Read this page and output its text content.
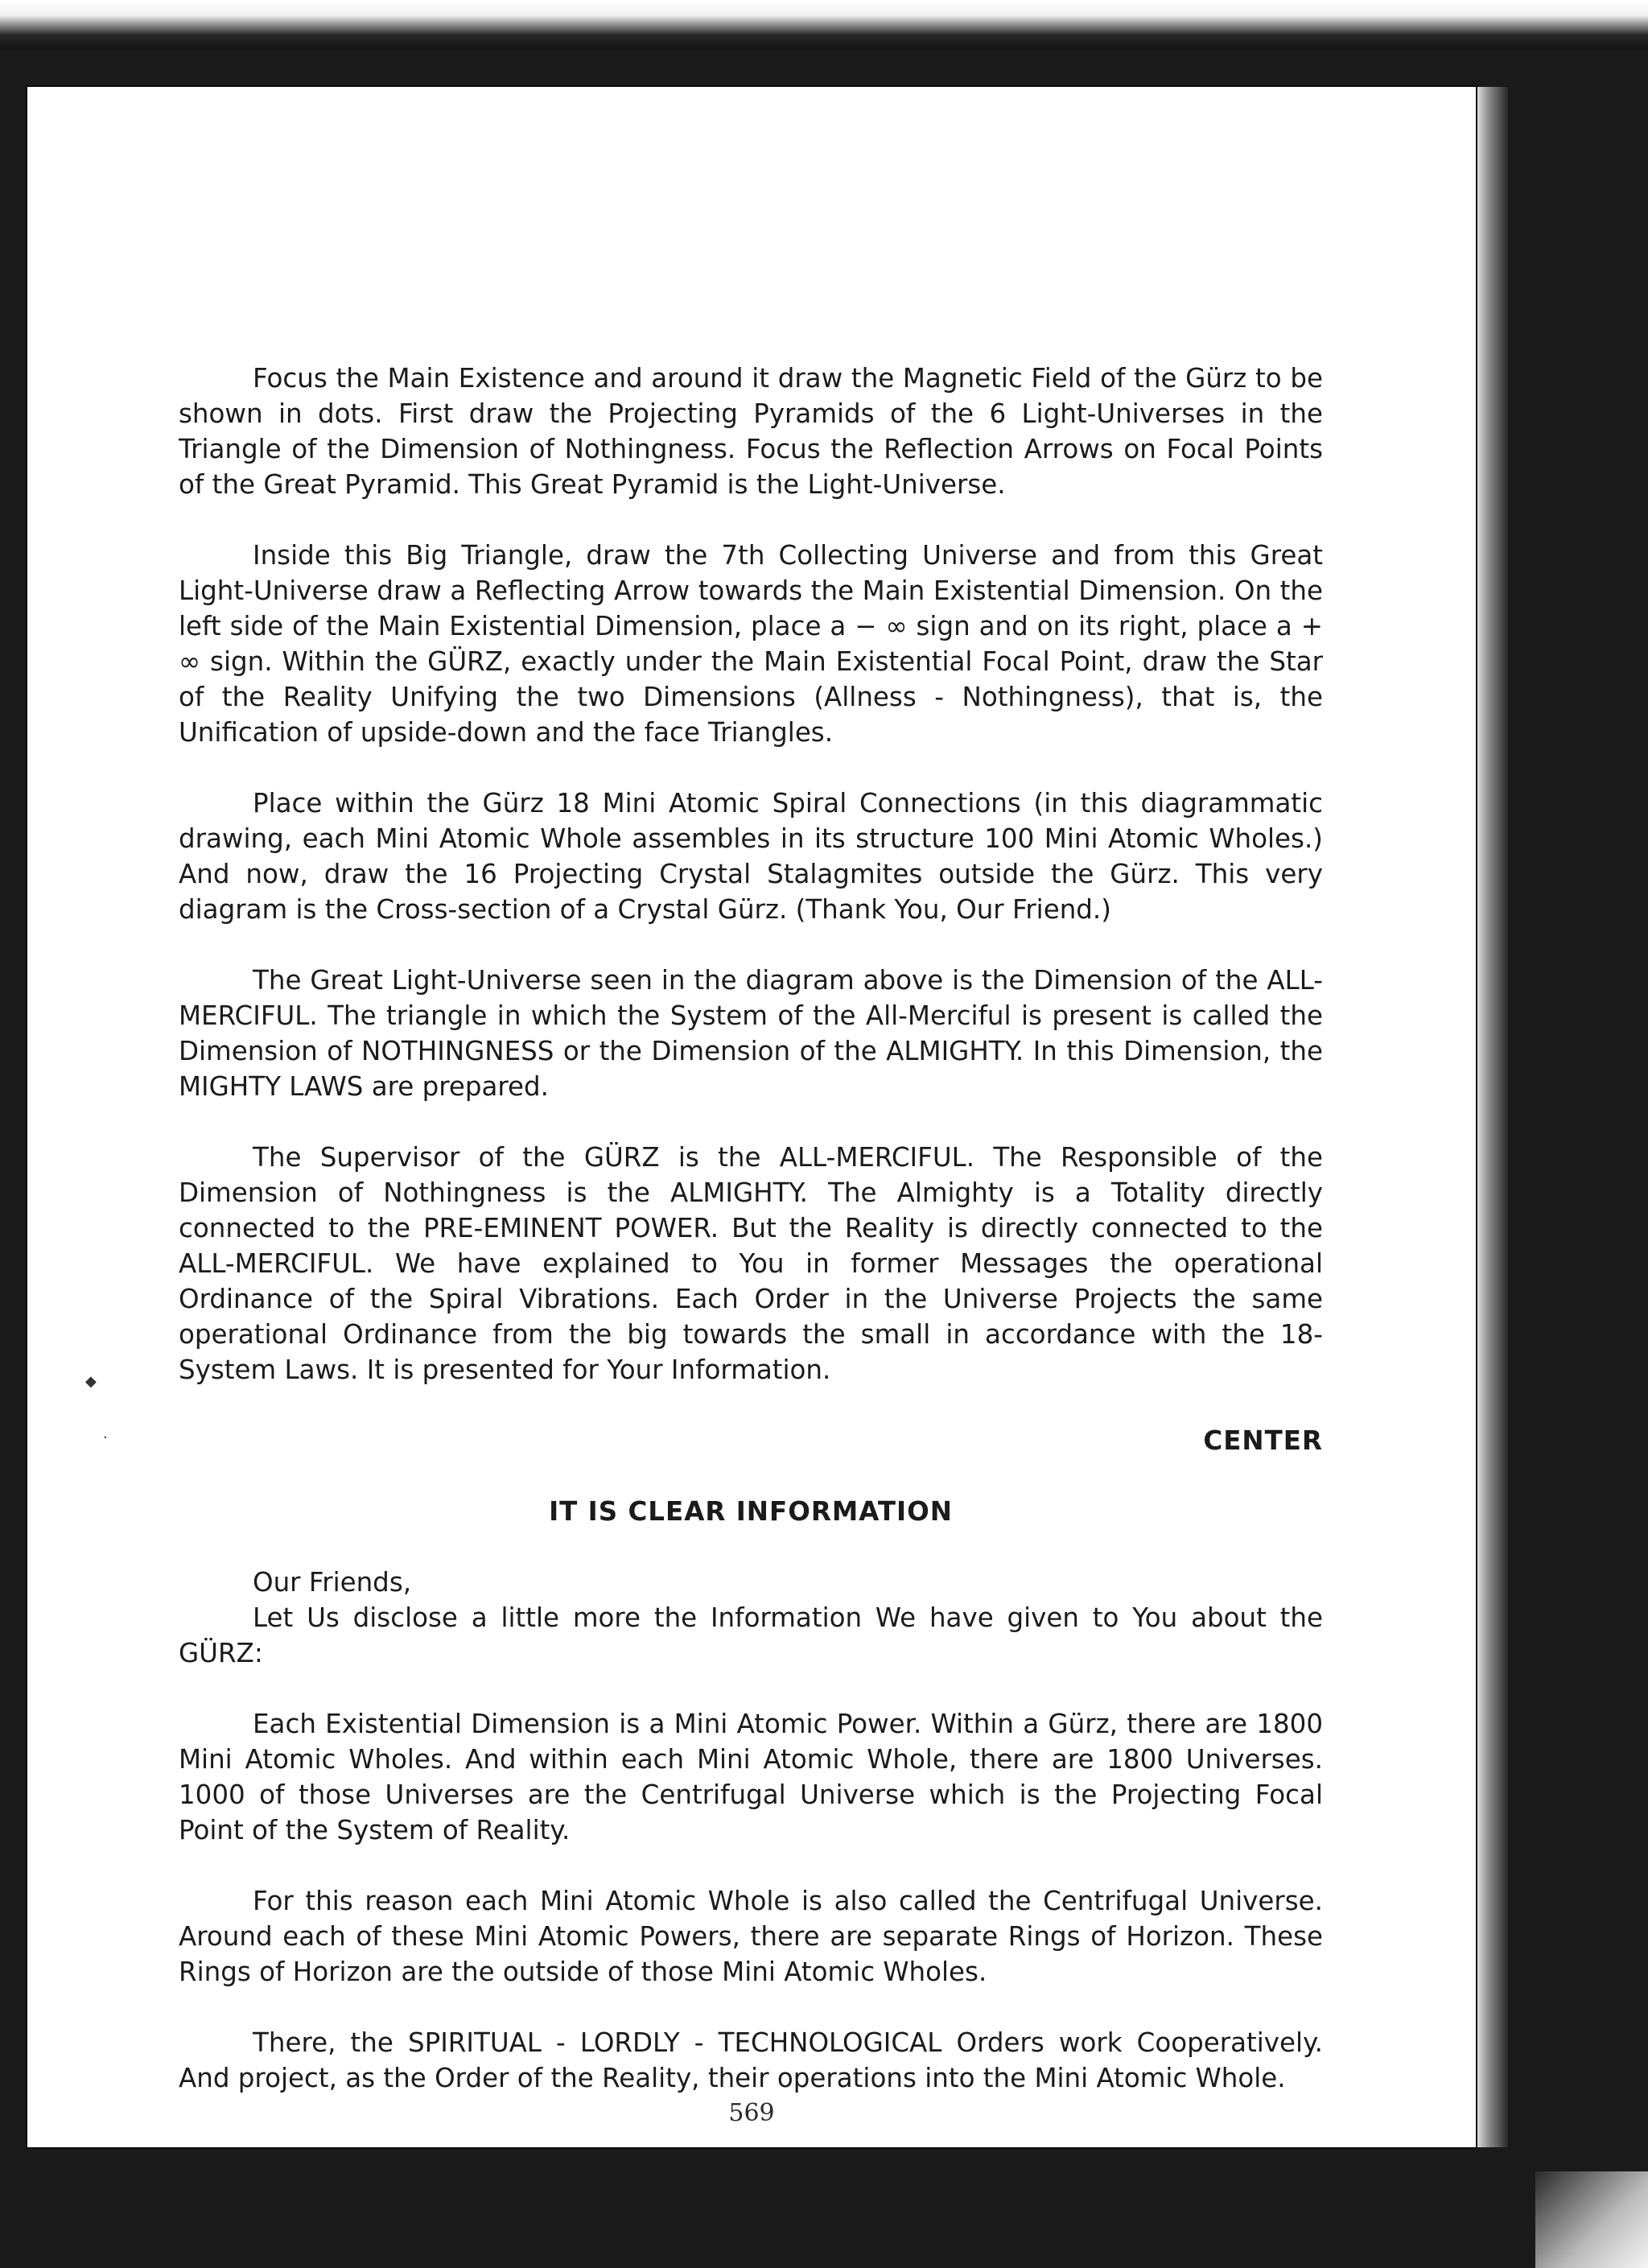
◆
·

Focus the Main Existence and around it draw the Magnetic Field of the Gürz to be shown in dots. First draw the Projecting Pyramids of the 6 Light-Universes in the Triangle of the Dimension of Nothingness. Focus the Reflection Arrows on Focal Points of the Great Pyramid. This Great Pyramid is the Light-Universe.

Inside this Big Triangle, draw the 7th Collecting Universe and from this Great Light-Universe draw a Reflecting Arrow towards the Main Existential Dimension. On the left side of the Main Existential Dimension, place a − ∞ sign and on its right, place a + ∞ sign. Within the GÜRZ, exactly under the Main Existential Focal Point, draw the Star of the Reality Unifying the two Dimensions (Allness - Nothingness), that is, the Unification of upside-down and the face Triangles.

Place within the Gürz 18 Mini Atomic Spiral Connections (in this diagrammatic drawing, each Mini Atomic Whole assembles in its structure 100 Mini Atomic Wholes.) And now, draw the 16 Projecting Crystal Stalagmites outside the Gürz. This very diagram is the Cross-section of a Crystal Gürz. (Thank You, Our Friend.)

The Great Light-Universe seen in the diagram above is the Dimension of the ALL-MERCIFUL. The triangle in which the System of the All-Merciful is present is called the Dimension of NOTHINGNESS or the Dimension of the ALMIGHTY. In this Dimension, the MIGHTY LAWS are prepared.

The Supervisor of the GÜRZ is the ALL-MERCIFUL. The Responsible of the Dimension of Nothingness is the ALMIGHTY. The Almighty is a Totality directly connected to the PRE-EMINENT POWER. But the Reality is directly connected to the ALL-MERCIFUL. We have explained to You in former Messages the operational Ordinance of the Spiral Vibrations. Each Order in the Universe Projects the same operational Ordinance from the big towards the small in accordance with the 18-System Laws. It is presented for Your Information.

CENTER

IT IS CLEAR INFORMATION

Our Friends,

Let Us disclose a little more the Information We have given to You about the GÜRZ:

Each Existential Dimension is a Mini Atomic Power. Within a Gürz, there are 1800 Mini Atomic Wholes. And within each Mini Atomic Whole, there are 1800 Universes. 1000 of those Universes are the Centrifugal Universe which is the Projecting Focal Point of the System of Reality.

For this reason each Mini Atomic Whole is also called the Centrifugal Universe. Around each of these Mini Atomic Powers, there are separate Rings of Horizon. These Rings of Horizon are the outside of those Mini Atomic Wholes.

There, the SPIRITUAL - LORDLY - TECHNOLOGICAL Orders work Cooperatively. And project, as the Order of the Reality, their operations into the Mini Atomic Whole.

569
